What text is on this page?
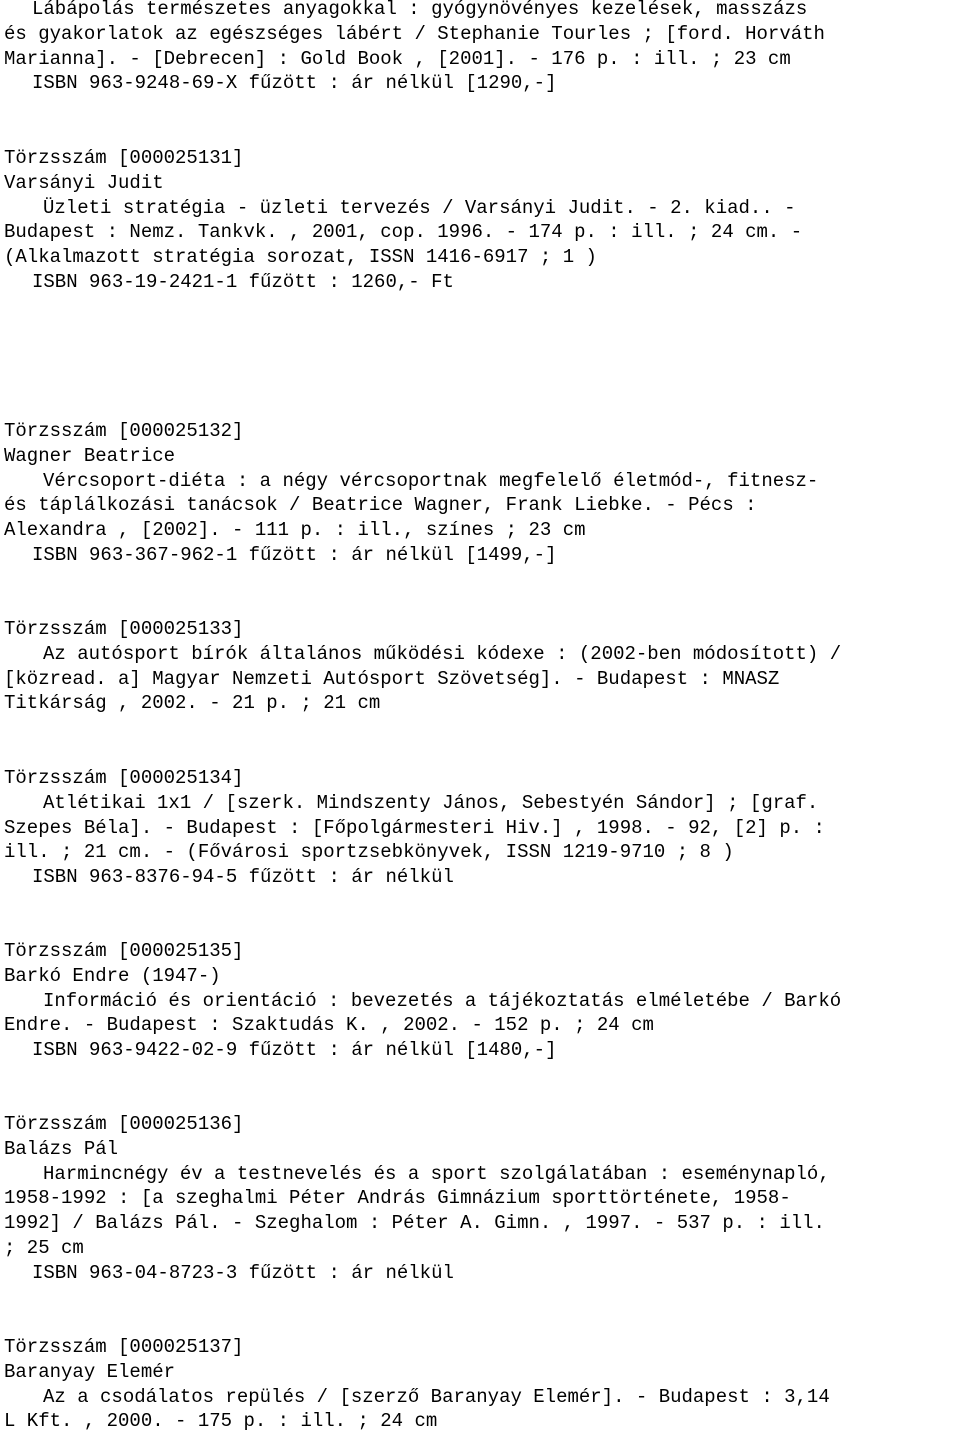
Lábápolás természetes anyagokkal : gyógynövényes kezelések, masszázs
és gyakorlatok az egészséges lábért / Stephanie Tourles ; [ford. Horváth
Marianna]. - [Debrecen] : Gold Book , [2001]. - 176 p. : ill. ; 23 cm
ISBN 963-9248-69-X fűzött : ár nélkül [1290,-]
Törzsszám [000025131]
Varsányi Judit
Üzleti stratégia - üzleti tervezés / Varsányi Judit. - 2. kiad.. -
Budapest : Nemz. Tankvk. , 2001, cop. 1996. - 174 p. : ill. ; 24 cm. -
(Alkalmazott stratégia sorozat, ISSN 1416-6917 ; 1 )
ISBN 963-19-2421-1 fűzött : 1260,- Ft
Törzsszám [000025132]
Wagner Beatrice
Vércsoport-diéta : a négy vércsoportnak megfelelő életmód-, fitnesz-
és táplálkozási tanácsok / Beatrice Wagner, Frank Liebke. - Pécs :
Alexandra , [2002]. - 111 p. : ill., színes ; 23 cm
ISBN 963-367-962-1 fűzött : ár nélkül [1499,-]
Törzsszám [000025133]
Az autósport bírók általános működési kódexe : (2002-ben módosított) /
[közread. a] Magyar Nemzeti Autósport Szövetség]. - Budapest : MNASZ
Titkárság , 2002. - 21 p. ; 21 cm
Törzsszám [000025134]
Atlétikai 1x1 / [szerk. Mindszenty János, Sebestyén Sándor] ; [graf.
Szepes Béla]. - Budapest : [Főpolgármesteri Hiv.] , 1998. - 92, [2] p. :
ill. ; 21 cm. - (Fővárosi sportzsebkönyvek, ISSN 1219-9710 ; 8 )
ISBN 963-8376-94-5 fűzött : ár nélkül
Törzsszám [000025135]
Barkó Endre (1947-)
Információ és orientáció : bevezetés a tájékoztatás elméletébe / Barkó
Endre. - Budapest : Szaktudás K. , 2002. - 152 p. ; 24 cm
ISBN 963-9422-02-9 fűzött : ár nélkül [1480,-]
Törzsszám [000025136]
Balázs Pál
Harmincnégy év a testnevelés és a sport szolgálatában : eseménynapló,
1958-1992 : [a szeghalmi Péter András Gimnázium sporttörténete, 1958-
1992] / Balázs Pál. - Szeghalom : Péter A. Gimn. , 1997. - 537 p. : ill.
; 25 cm
ISBN 963-04-8723-3 fűzött : ár nélkül
Törzsszám [000025137]
Baranyay Elemér
Az a csodálatos repülés / [szerző Baranyay Elemér]. - Budapest : 3,14
L Kft. , 2000. - 175 p. : ill. ; 24 cm
